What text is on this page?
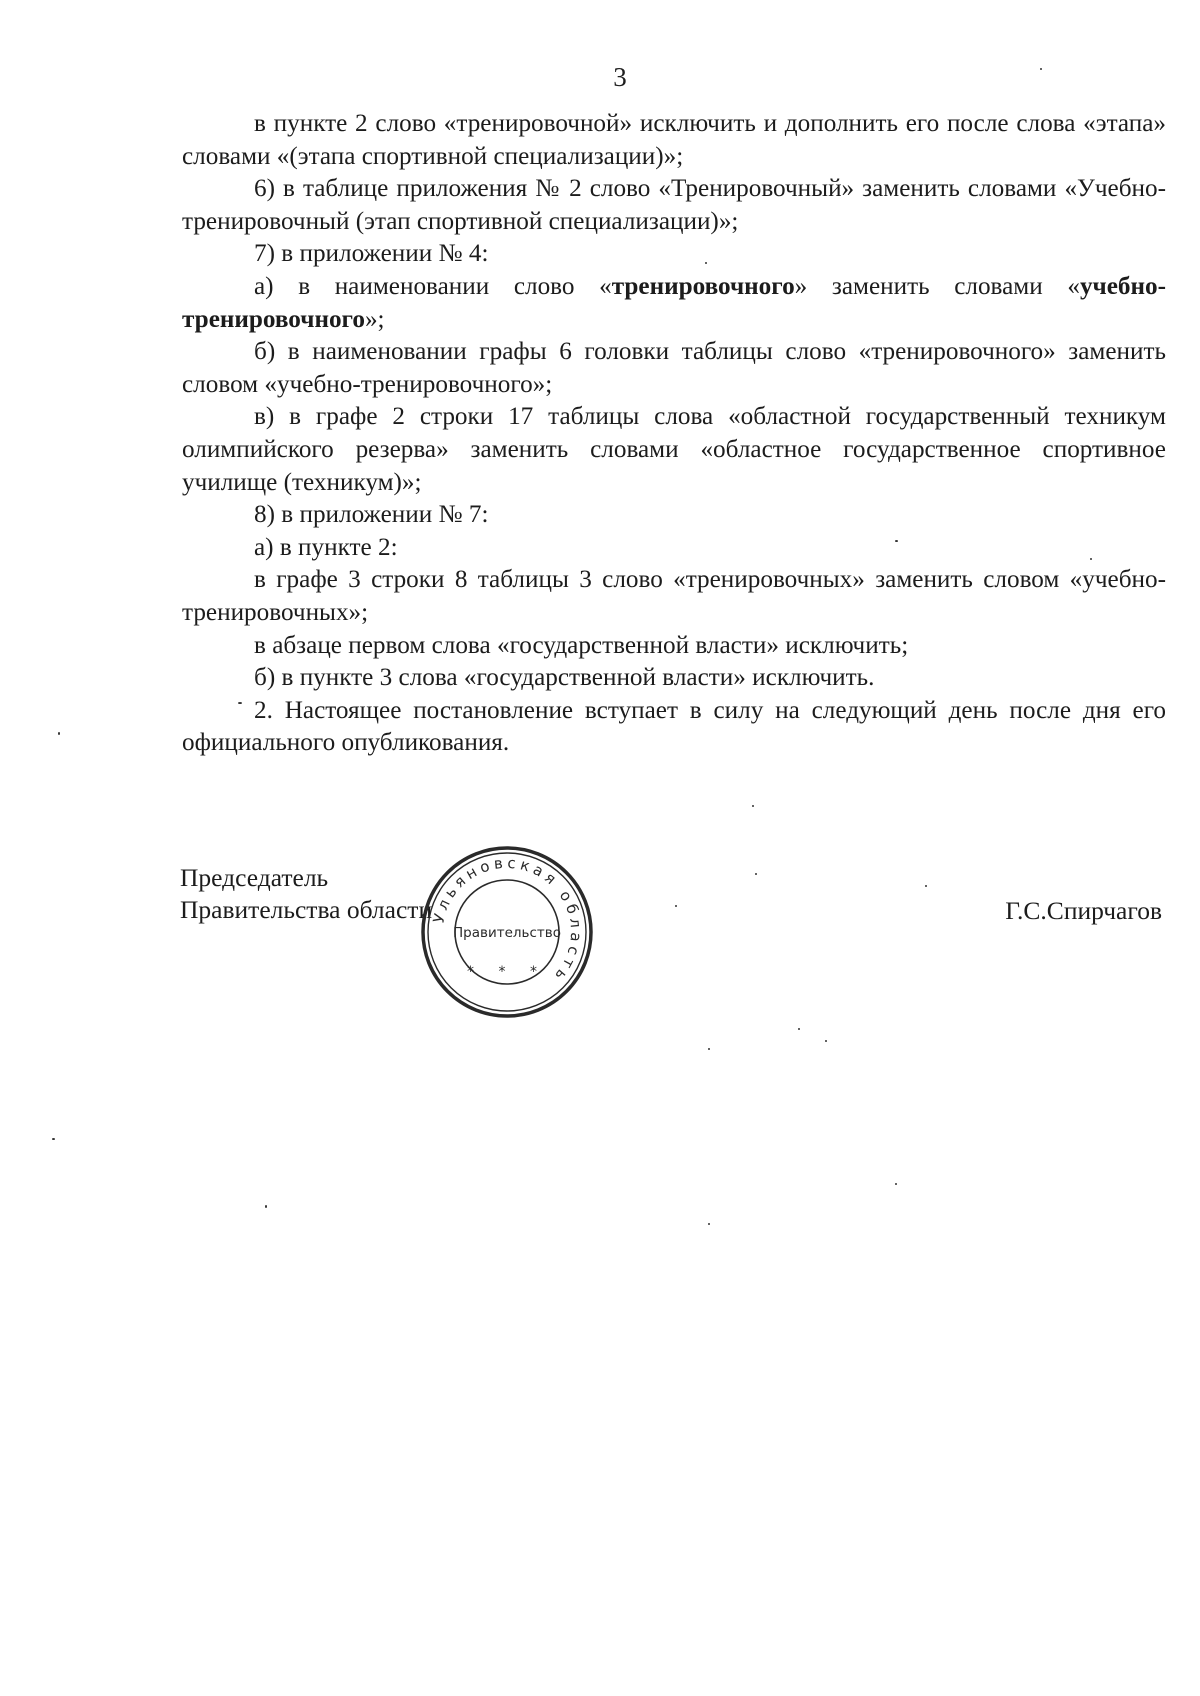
3

в пункте 2 слово «тренировочной» исключить и дополнить его после слова «этапа» словами «(этапа спортивной специализации)»;

6) в таблице приложения № 2 слово «Тренировочный» заменить словами «Учебно-тренировочный (этап спортивной специализации)»;

7) в приложении № 4:

а) в наименовании слово «тренировочного» заменить словами «учебно-тренировочного»;

б) в наименовании графы 6 головки таблицы слово «тренировочного» заменить словом «учебно-тренировочного»;

в) в графе 2 строки 17 таблицы слова «областной государственный техникум олимпийского резерва» заменить словами «областное государственное спортивное училище (техникум)»;

8) в приложении № 7:

а) в пункте 2:

в графе 3 строки 8 таблицы 3 слово «тренировочных» заменить словом «учебно-тренировочных»;

в абзаце первом слова «государственной власти» исключить;

б) в пункте 3 слова «государственной власти» исключить.

2. Настоящее постановление вступает в силу на следующий день после дня его официального опубликования.

Председатель
Правительства области	Г.С.Спирчагов
Ульяновская область
Правительство
* * *
